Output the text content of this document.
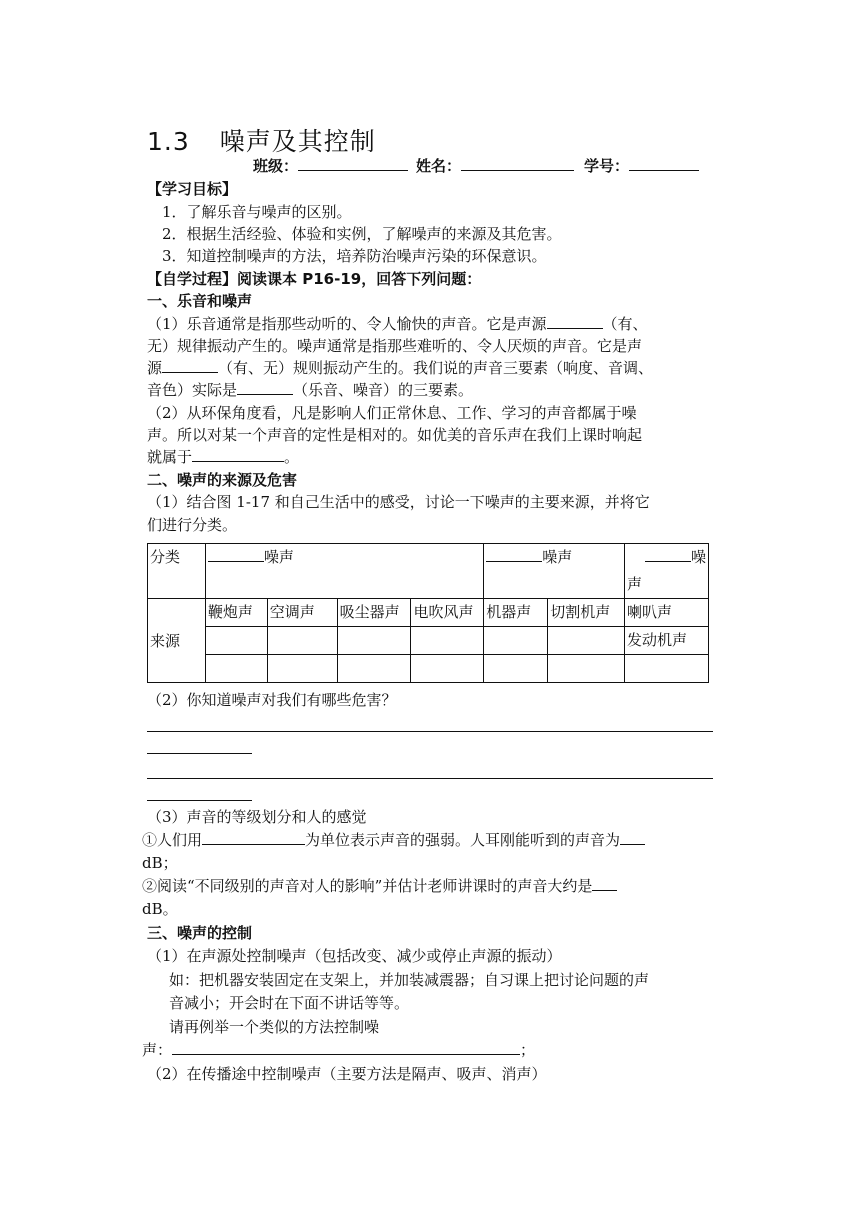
1.3 噪声及其控制
班级：	姓名：	学号：
【学习目标】
1．了解乐音与噪声的区别。
2．根据生活经验、体验和实例，了解噪声的来源及其危害。
3．知道控制噪声的方法，培养防治噪声污染的环保意识。
【自学过程】阅读课本 P16-19，回答下列问题：
一、乐音和噪声
（1）乐音通常是指那些动听的、令人愉快的声音。它是声源	（有、
无）规律振动产生的。噪声通常是指那些难听的、令人厌烦的声音。它是声
源	（有、无）规则振动产生的。我们说的声音三要素（响度、音调、
音色）实际是	（乐音、噪音）的三要素。
（2）从环保角度看，凡是影响人们正常休息、工作、学习的声音都属于噪
声。所以对某一个声音的定性是相对的。如优美的音乐声在我们上课时响起
就属于	。
二、噪声的来源及危害
（1）结合图 1-17 和自己生活中的感受，讨论一下噪声的主要来源，并将它
们进行分类。
分类	噪声				噪声		噪
							声
来源	鞭炮声	空调声	吸尘器声	电吹风声	机器声	切割机声	喇叭声
							发动机声

（2）你知道噪声对我们有哪些危害？
（3）声音的等级划分和人的感觉
①人们用	为单位表示声音的强弱。人耳刚能听到的声音为
dB；
②阅读“不同级别的声音对人的影响”并估计老师讲课时的声音大约是
dB。
三、噪声的控制
（1）在声源处控制噪声（包括改变、减少或停止声源的振动）
如：把机器安装固定在支架上，并加装减震器；自习课上把讨论问题的声
音减小；开会时在下面不讲话等等。
请再例举一个类似的方法控制噪
声：	；
（2）在传播途中控制噪声（主要方法是隔声、吸声、消声）
